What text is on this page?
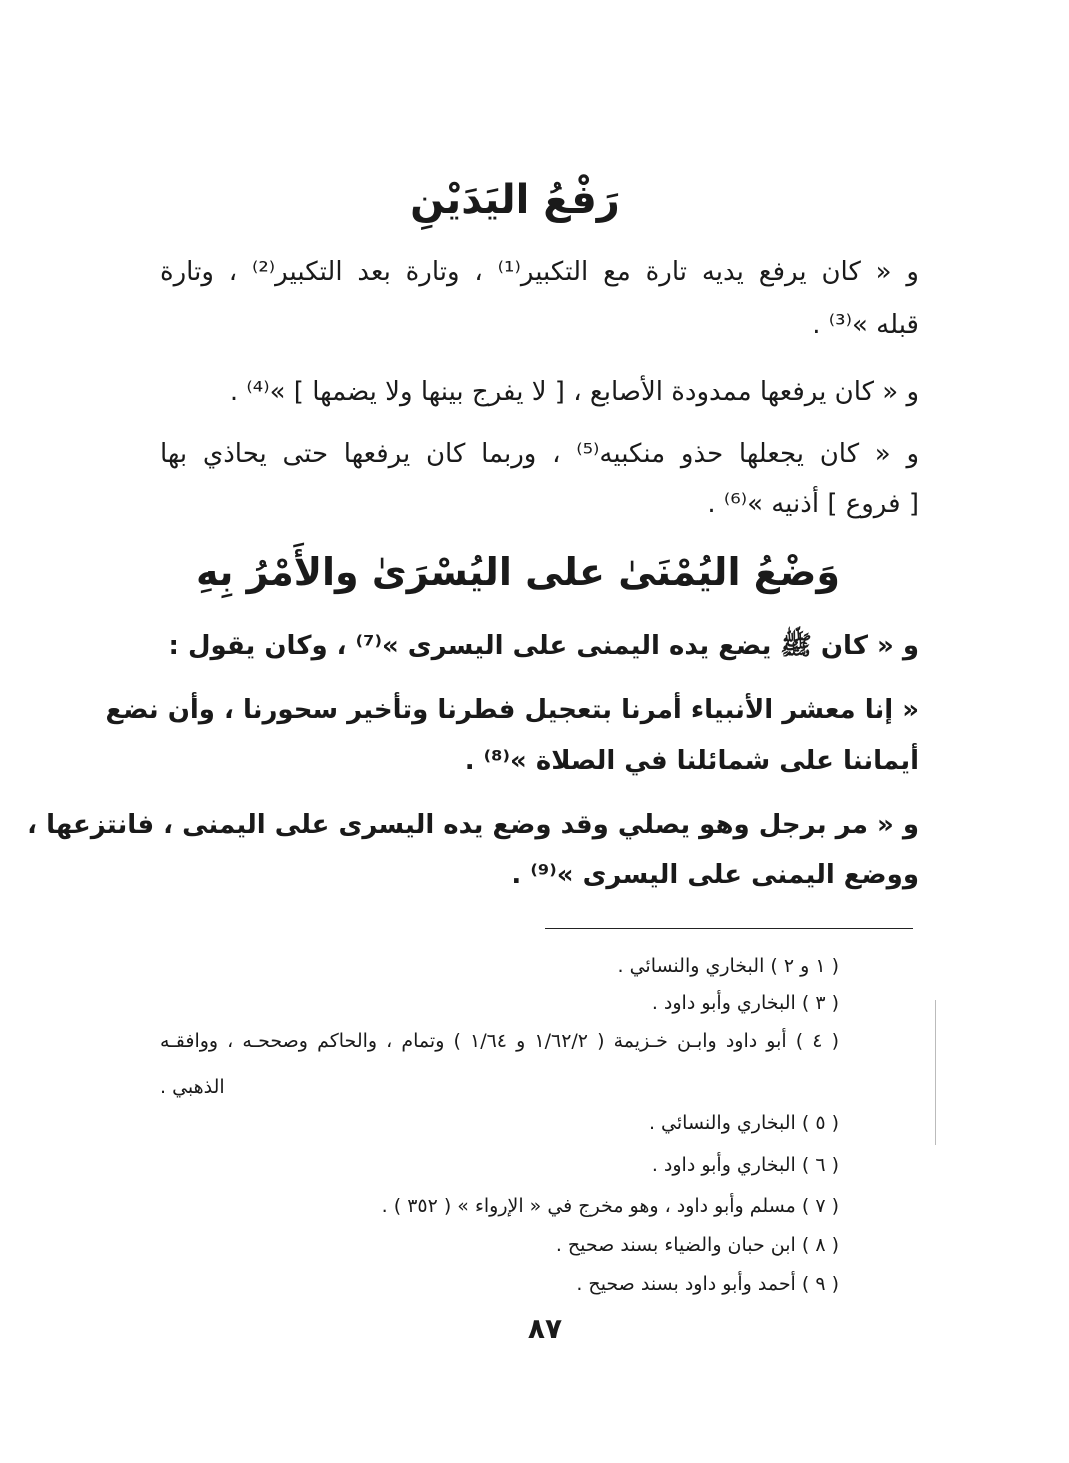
رَفْعُ اليَدَيْنِ
و « كان يرفع يديه تارة مع التكبير⁽¹⁾ ، وتارة بعد التكبير⁽²⁾ ، وتارة
قبله »⁽³⁾ .
و « كان يرفعها ممدودة الأصابع ، [ لا يفرج بينها ولا يضمها ] »⁽⁴⁾ .
و « كان يجعلها حذو منكبيه⁽⁵⁾ ، وربما كان يرفعها حتى يحاذي بها
[ فروع ] أذنيه »⁽⁶⁾ .
وَضْعُ اليُمْنَىٰ على اليُسْرَىٰ والأَمْرُ بِهِ
و « كان ﷺ يضع يده اليمنى على اليسرى »⁽⁷⁾ ، وكان يقول :
« إنا معشر الأنبياء أمرنا بتعجيل فطرنا وتأخير سحورنا ، وأن نضع
أيماننا على شمائلنا في الصلاة »⁽⁸⁾ .
و « مر برجل وهو يصلي وقد وضع يده اليسرى على اليمنى ، فانتزعها ،
ووضع اليمنى على اليسرى »⁽⁹⁾ .
( ١ و ٢ ) البخاري والنسائي .
( ٣ ) البخاري وأبو داود .
( ٤ ) أبو داود وابـن خـزيمة ( ١/٦٢/٢ و ١/٦٤ ) وتمام ، والحاكم وصححـه ، ووافقـه
الذهبي .
( ٥ ) البخاري والنسائي .
( ٦ ) البخاري وأبو داود .
( ٧ ) مسلم وأبو داود ، وهو مخرج في « الإرواء » ( ٣٥٢ ) .
( ٨ ) ابن حبان والضياء بسند صحيح .
( ٩ ) أحمد وأبو داود بسند صحيح .
٨٧
